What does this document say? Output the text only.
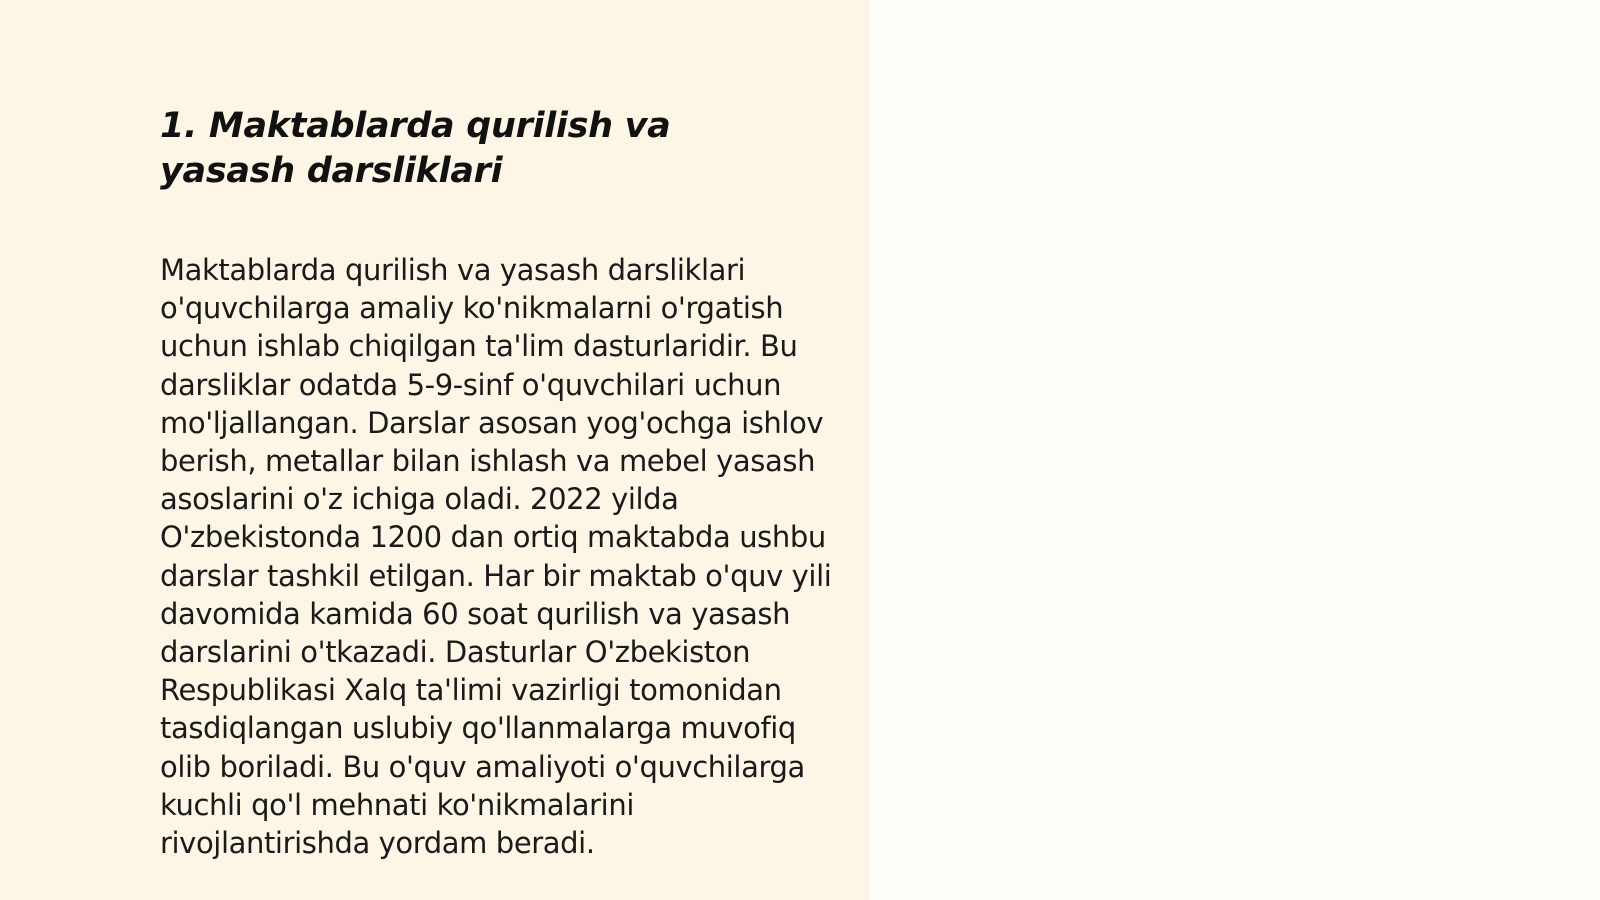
1. Maktablarda qurilish va yasash darsliklari

Maktablarda qurilish va yasash darsliklari o'quvchilarga amaliy ko'nikmalarni o'rgatish uchun ishlab chiqilgan ta'lim dasturlaridir. Bu darsliklar odatda 5-9-sinf o'quvchilari uchun mo'ljallangan. Darslar asosan yog'ochga ishlov berish, metallar bilan ishlash va mebel yasash asoslarini o'z ichiga oladi. 2022 yilda O'zbekistonda 1200 dan ortiq maktabda ushbu darslar tashkil etilgan. Har bir maktab o'quv yili davomida kamida 60 soat qurilish va yasash darslarini o'tkazadi. Dasturlar O'zbekiston Respublikasi Xalq ta'limi vazirligi tomonidan tasdiqlangan uslubiy qo'llanmalarga muvofiq olib boriladi. Bu o'quv amaliyoti o'quvchilarga kuchli qo'l mehnati ko'nikmalarini rivojlantirishda yordam beradi.
